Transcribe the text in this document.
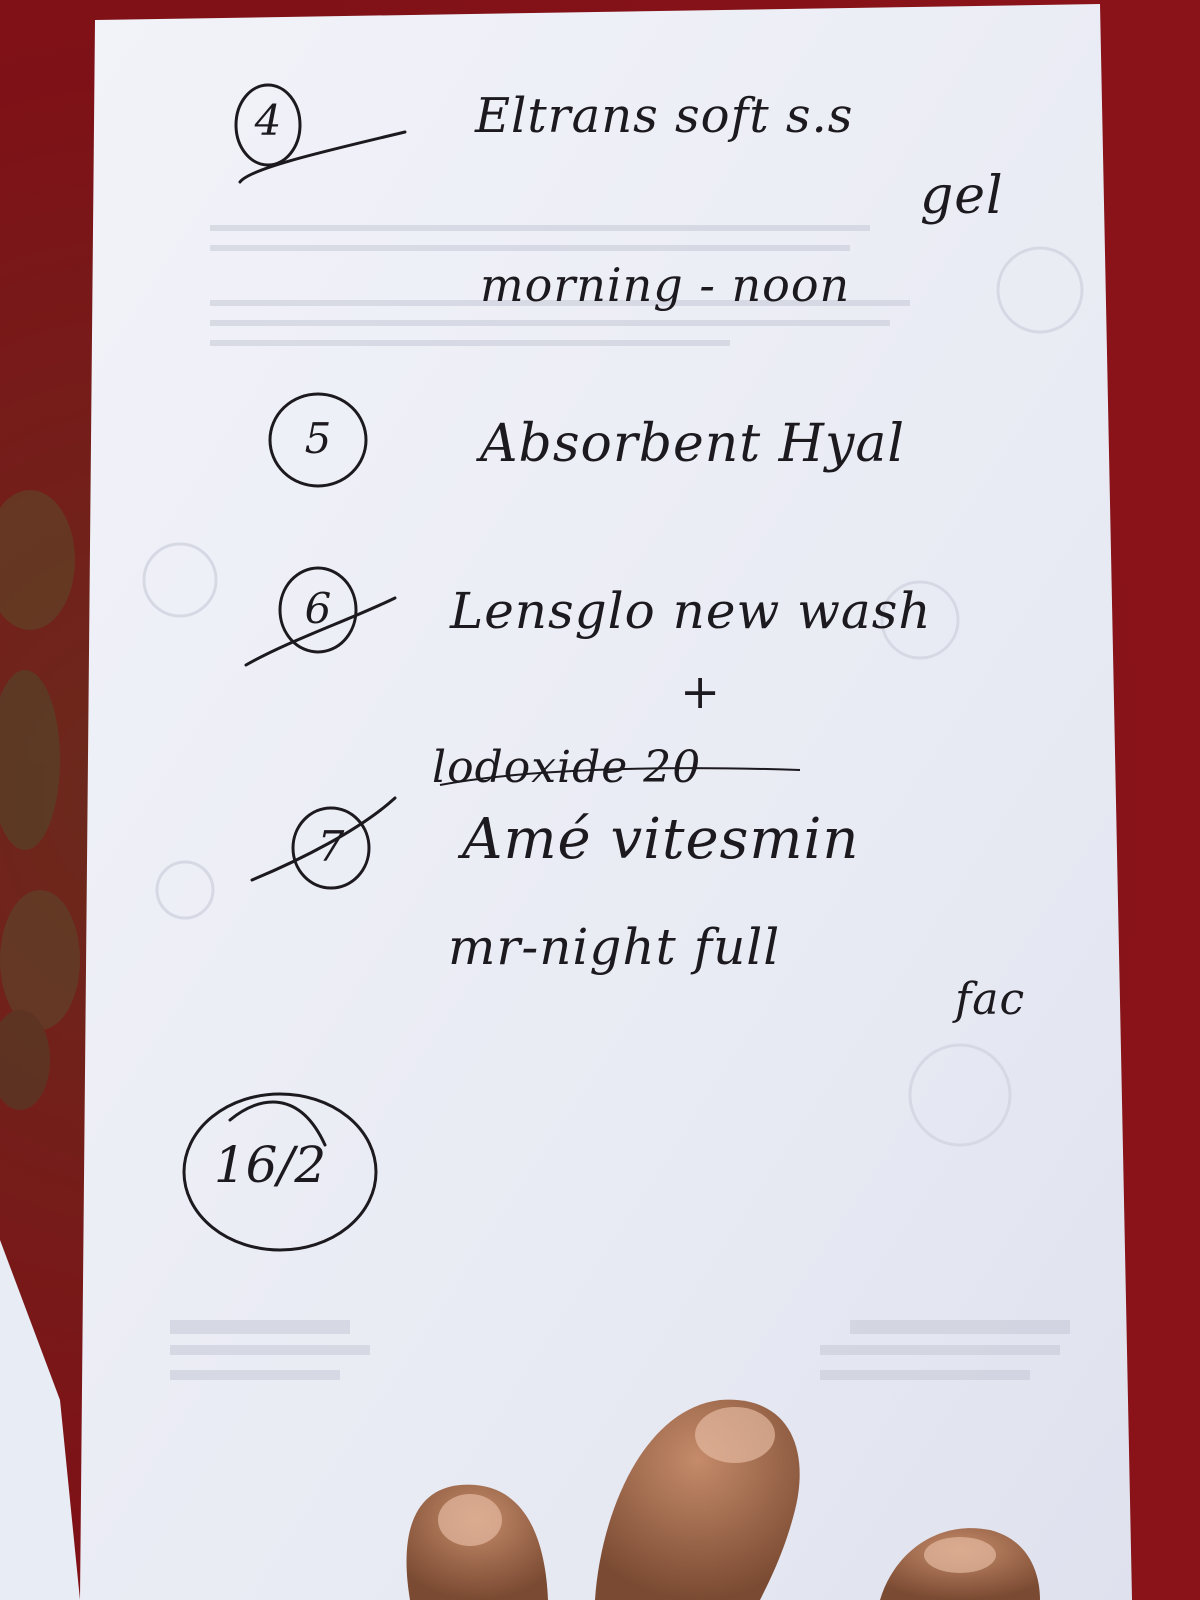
4
5
6
7
Eltrans soft s.s
gel
morning - noon
Absorbent Hyal
Lensglo new wash
+
lodoxide 20
Amé vitesmin
mr-night full
fac
16/2
